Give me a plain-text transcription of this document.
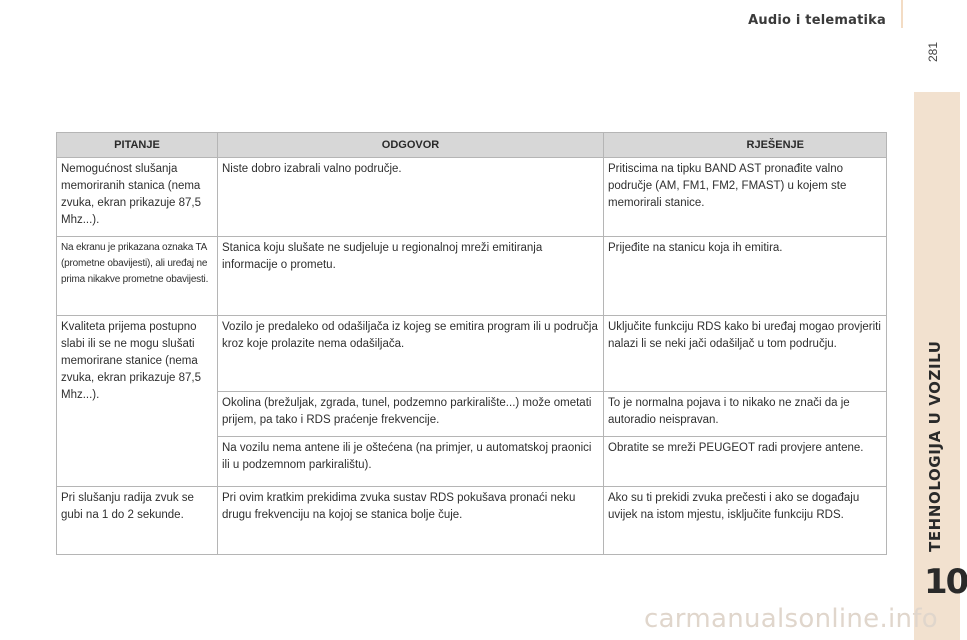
Audio i telematika
281
TEHNOLOGIJA U VOZILU
10
PITANJE	ODGOVOR	RJEŠENJE
Nemogućnost slušanja memoriranih stanica (nema zvuka, ekran prikazuje 87,5 Mhz...).	Niste dobro izabrali valno područje.	Pritiscima na tipku BAND AST pronađite valno područje (AM, FM1, FM2, FMAST) u kojem ste memorirali stanice.
Na ekranu je prikazana oznaka TA (prometne obavijesti), ali uređaj ne prima nikakve prometne obavijesti.	Stanica koju slušate ne sudjeluje u regionalnoj mreži emitiranja informacije o prometu.	Prijeđite na stanicu koja ih emitira.
Kvaliteta prijema postupno slabi ili se ne mogu slušati memorirane stanice (nema zvuka, ekran prikazuje 87,5 Mhz...).	Vozilo je predaleko od odašiljača iz kojeg se emitira program ili u područja kroz koje prolazite nema odašiljača.	Uključite funkciju RDS kako bi uređaj mogao provjeriti nalazi li se neki jači odašiljač u tom području.
	Okolina (brežuljak, zgrada, tunel, podzemno parkiralište...) može ometati prijem, pa tako i RDS praćenje frekvencije.	To je normalna pojava i to nikako ne znači da je autoradio neispravan.
	Na vozilu nema antene ili je oštećena (na primjer, u automatskoj praonici ili u podzemnom parkiralištu).	Obratite se mreži PEUGEOT radi provjere antene.
Pri slušanju radija zvuk se gubi na 1 do 2 sekunde.	Pri ovim kratkim prekidima zvuka sustav RDS pokušava pronaći neku drugu frekvenciju na kojoj se stanica bolje čuje.	Ako su ti prekidi zvuka prečesti i ako se događaju uvijek na istom mjestu, isključite funkciju RDS.
carmanualsonline.info
